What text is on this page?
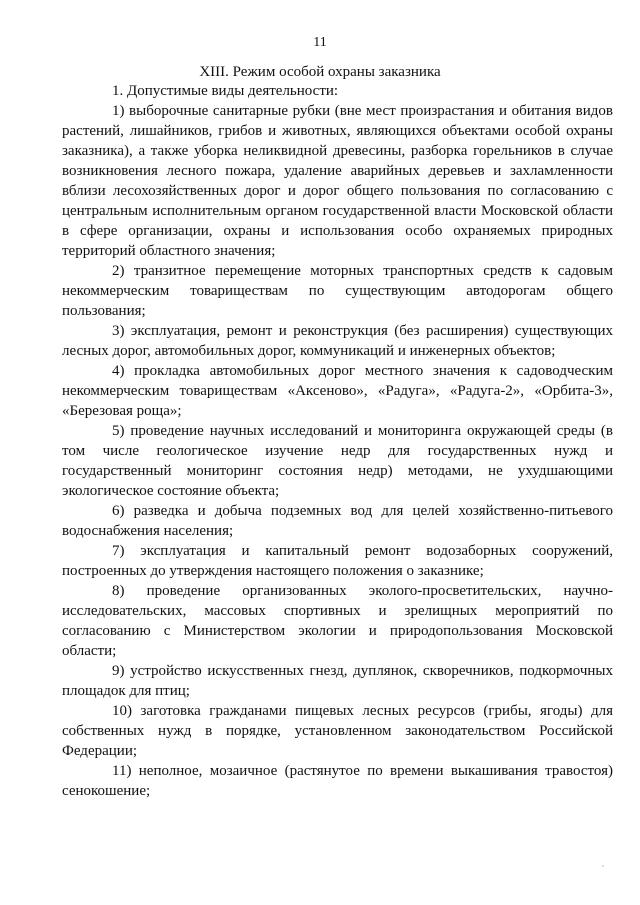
11
XIII. Режим особой охраны заказника

1. Допустимые виды деятельности:

1) выборочные санитарные рубки (вне мест произрастания и обитания видов растений, лишайников, грибов и животных, являющихся объектами особой охраны заказника), а также уборка неликвидной древесины, разборка горельников в случае возникновения лесного пожара, удаление аварийных деревьев и захламленности вблизи лесохозяйственных дорог и дорог общего пользования по согласованию с центральным исполнительным органом государственной власти Московской области в сфере организации, охраны и использования особо охраняемых природных территорий областного значения;

2) транзитное перемещение моторных транспортных средств к садовым некоммерческим товариществам по существующим автодорогам общего пользования;

3) эксплуатация, ремонт и реконструкция (без расширения) существующих лесных дорог, автомобильных дорог, коммуникаций и инженерных объектов;

4) прокладка автомобильных дорог местного значения к садоводческим некоммерческим товариществам «Аксеново», «Радуга», «Радуга-2», «Орбита-3», «Березовая роща»;

5) проведение научных исследований и мониторинга окружающей среды (в том числе геологическое изучение недр для государственных нужд и государственный мониторинг состояния недр) методами, не ухудшающими экологическое состояние объекта;

6) разведка и добыча подземных вод для целей хозяйственно-питьевого водоснабжения населения;

7) эксплуатация и капитальный ремонт водозаборных сооружений, построенных до утверждения настоящего положения о заказнике;

8) проведение организованных эколого-просветительских, научно-исследовательских, массовых спортивных и зрелищных мероприятий по согласованию с Министерством экологии и природопользования Московской области;

9) устройство искусственных гнезд, дуплянок, скворечников, подкормочных площадок для птиц;

10) заготовка гражданами пищевых лесных ресурсов (грибы, ягоды) для собственных нужд в порядке, установленном законодательством Российской Федерации;

11) неполное, мозаичное (растянутое по времени выкашивания травостоя) сенокошение;
